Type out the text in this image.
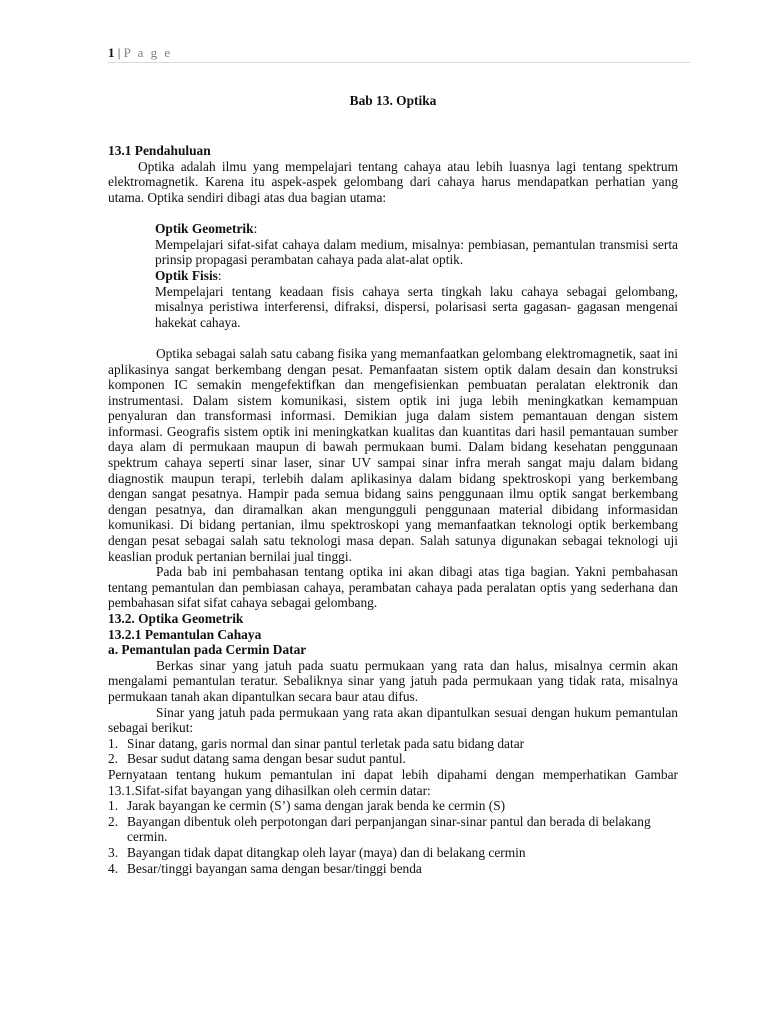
1 | P a g e

Bab 13. Optika

13.1 Pendahuluan

Optika adalah ilmu yang mempelajari tentang cahaya atau lebih luasnya lagi tentang spektrum elektromagnetik. Karena itu aspek-aspek gelombang dari cahaya harus mendapatkan perhatian yang utama. Optika sendiri dibagi atas dua bagian utama:

Optik Geometrik:

Mempelajari sifat-sifat cahaya dalam medium, misalnya: pembiasan, pemantulan transmisi serta prinsip propagasi perambatan cahaya pada alat-alat optik.

Optik Fisis:

Mempelajari tentang keadaan fisis cahaya serta tingkah laku cahaya sebagai gelombang, misalnya peristiwa interferensi, difraksi, dispersi, polarisasi serta gagasan- gagasan mengenai hakekat cahaya.

Optika sebagai salah satu cabang fisika yang memanfaatkan gelombang elektromagnetik, saat ini aplikasinya sangat berkembang dengan pesat. Pemanfaatan sistem optik dalam desain dan konstruksi komponen IC semakin mengefektifkan dan mengefisienkan pembuatan peralatan elektronik dan instrumentasi. Dalam sistem komunikasi, sistem optik ini juga lebih meningkatkan kemampuan penyaluran dan transformasi informasi. Demikian juga dalam sistem pemantauan dengan sistem informasi. Geografis sistem optik ini meningkatkan kualitas dan kuantitas dari hasil pemantauan sumber daya alam di permukaan maupun di bawah permukaan bumi. Dalam bidang kesehatan penggunaan spektrum cahaya seperti sinar laser, sinar UV sampai sinar infra merah sangat maju dalam bidang diagnostik maupun terapi, terlebih dalam aplikasinya dalam bidang spektroskopi yang berkembang dengan sangat pesatnya. Hampir pada semua bidang sains penggunaan ilmu optik sangat berkembang dengan pesatnya, dan diramalkan akan mengungguli penggunaan material dibidang informasidan komunikasi. Di bidang pertanian, ilmu spektroskopi yang memanfaatkan teknologi optik berkembang dengan pesat sebagai salah satu teknologi masa depan. Salah satunya digunakan sebagai teknologi uji keaslian produk pertanian bernilai jual tinggi.

Pada bab ini pembahasan tentang optika ini akan dibagi atas tiga bagian. Yakni pembahasan tentang pemantulan dan pembiasan cahaya, perambatan cahaya pada peralatan optis yang sederhana dan pembahasan sifat sifat cahaya sebagai gelombang.

13.2. Optika Geometrik

13.2.1 Pemantulan Cahaya

a. Pemantulan pada Cermin Datar

Berkas sinar yang jatuh pada suatu permukaan yang rata dan halus, misalnya cermin akan mengalami pemantulan teratur. Sebaliknya sinar yang jatuh pada permukaan yang tidak rata, misalnya permukaan tanah akan dipantulkan secara baur atau difus.

Sinar yang jatuh pada permukaan yang rata akan dipantulkan sesuai dengan hukum pemantulan sebagai berikut:

1. Sinar datang, garis normal dan sinar pantul terletak pada satu bidang datar
2. Besar sudut datang sama dengan besar sudut pantul.

Pernyataan tentang hukum pemantulan ini dapat lebih dipahami dengan memperhatikan Gambar 13.1.Sifat-sifat bayangan yang dihasilkan oleh cermin datar:

1. Jarak bayangan ke cermin (S’) sama dengan jarak benda ke cermin (S)
2. Bayangan dibentuk oleh perpotongan dari perpanjangan sinar-sinar pantul dan berada di belakang cermin.
3. Bayangan tidak dapat ditangkap oleh layar (maya) dan di belakang cermin
4. Besar/tinggi bayangan sama dengan besar/tinggi benda
